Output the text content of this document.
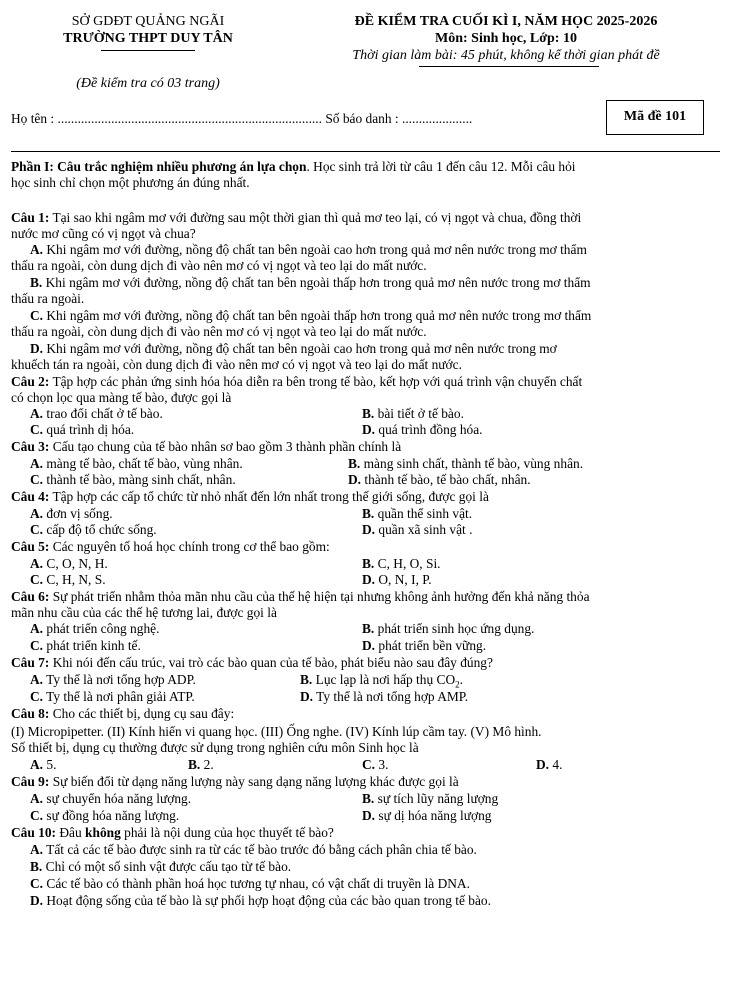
SỞ GDĐT QUẢNG NGÃI
TRƯỜNG THPT DUY TÂN
(Đề kiểm tra có 03 trang)
ĐỀ KIỂM TRA CUỐI KÌ I, NĂM HỌC 2025-2026
Môn: Sinh học, Lớp: 10
Thời gian làm bài: 45 phút, không kể thời gian phát đề
Họ tên : ............................................................................... Số báo danh : .....................	Mã đề 101
Phần I: Câu trắc nghiệm nhiều phương án lựa chọn. Học sinh trả lời từ câu 1 đến câu 12. Mỗi câu hỏi
học sinh chỉ chọn một phương án đúng nhất.
Câu 1: Tại sao khi ngâm mơ với đường sau một thời gian thì quả mơ teo lại, có vị ngọt và chua, đồng thời
nước mơ cũng có vị ngọt và chua?
A. Khi ngâm mơ với đường, nồng độ chất tan bên ngoài cao hơn trong quả mơ nên nước trong mơ thẩm
thấu ra ngoài, còn dung dịch đi vào nên mơ có vị ngọt và teo lại do mất nước.
B. Khi ngâm mơ với đường, nồng độ chất tan bên ngoài thấp hơn trong quả mơ nên nước trong mơ thẩm
thấu ra ngoài.
C. Khi ngâm mơ với đường, nồng độ chất tan bên ngoài thấp hơn trong quả mơ nên nước trong mơ thẩm
thấu ra ngoài, còn dung dịch đi vào nên mơ có vị ngọt và teo lại do mất nước.
D. Khi ngâm mơ với đường, nồng độ chất tan bên ngoài cao hơn trong quả mơ nên nước trong mơ
khuếch tán ra ngoài, còn dung dịch đi vào nên mơ có vị ngọt và teo lại do mất nước.
Câu 2: Tập hợp các phản ứng sinh hóa hóa diễn ra bên trong tế bào, kết hợp với quá trình vận chuyển chất
có chọn lọc qua màng tế bào, được gọi là
A. trao đổi chất ở tế bào.	B. bài tiết ở tế bào.
C. quá trình dị hóa.	D. quá trình đồng hóa.
Câu 3: Cấu tạo chung của tế bào nhân sơ bao gồm 3 thành phần chính là
A. màng tế bào, chất tế bào, vùng nhân.	B. màng sinh chất, thành tế bào, vùng nhân.
C. thành tế bào, màng sinh chất, nhân.	D. thành tế bào, tế bào chất, nhân.
Câu 4: Tập hợp các cấp tổ chức từ nhỏ nhất đến lớn nhất trong thế giới sống, được gọi là
A. đơn vị sống.	B. quần thể sinh vật.
C. cấp độ tổ chức sống.	D. quần xã sinh vật .
Câu 5: Các nguyên tố hoá học chính trong cơ thể bao gồm:
A. C, O, N, H.	B. C, H, O, Si.
C. C, H, N, S.	D. O, N, I, P.
Câu 6: Sự phát triển nhằm thỏa mãn nhu cầu của thế hệ hiện tại nhưng không ảnh hưởng đến khả năng thỏa
mãn nhu cầu của các thế hệ tương lai, được gọi là
A. phát triển công nghệ.	B. phát triển sinh học ứng dụng.
C. phát triển kinh tế.	D. phát triển bền vững.
Câu 7: Khi nói đến cấu trúc, vai trò các bào quan của tế bào, phát biểu nào sau đây đúng?
A. Ty thể là nơi tổng hợp ADP.	B. Lục lạp là nơi hấp thụ $CO_2$.
C. Ty thể là nơi phân giải ATP.	D. Ty thể là nơi tổng hợp AMP.
Câu 8: Cho các thiết bị, dụng cụ sau đây:
(I) Micropipetter. (II) Kính hiển vi quang học. (III) Ống nghe. (IV) Kính lúp cầm tay. (V) Mô hình.
Số thiết bị, dụng cụ thường được sử dụng trong nghiên cứu môn Sinh học là
A. 5.	B. 2.	C. 3.	D. 4.
Câu 9: Sự biến đổi từ dạng năng lượng này sang dạng năng lượng khác được gọi là
A. sự chuyển hóa năng lượng.	B. sự tích lũy năng lượng
C. sự đồng hóa năng lượng.	D. sự dị hóa năng lượng
Câu 10: Đâu không phải là nội dung của học thuyết tế bào?
A. Tất cả các tế bào được sinh ra từ các tế bào trước đó bằng cách phân chia tế bào.
B. Chỉ có một số sinh vật được cấu tạo từ tế bào.
C. Các tế bào có thành phần hoá học tương tự nhau, có vật chất di truyền là DNA.
D. Hoạt động sống của tế bào là sự phối hợp hoạt động của các bào quan trong tế bào.
